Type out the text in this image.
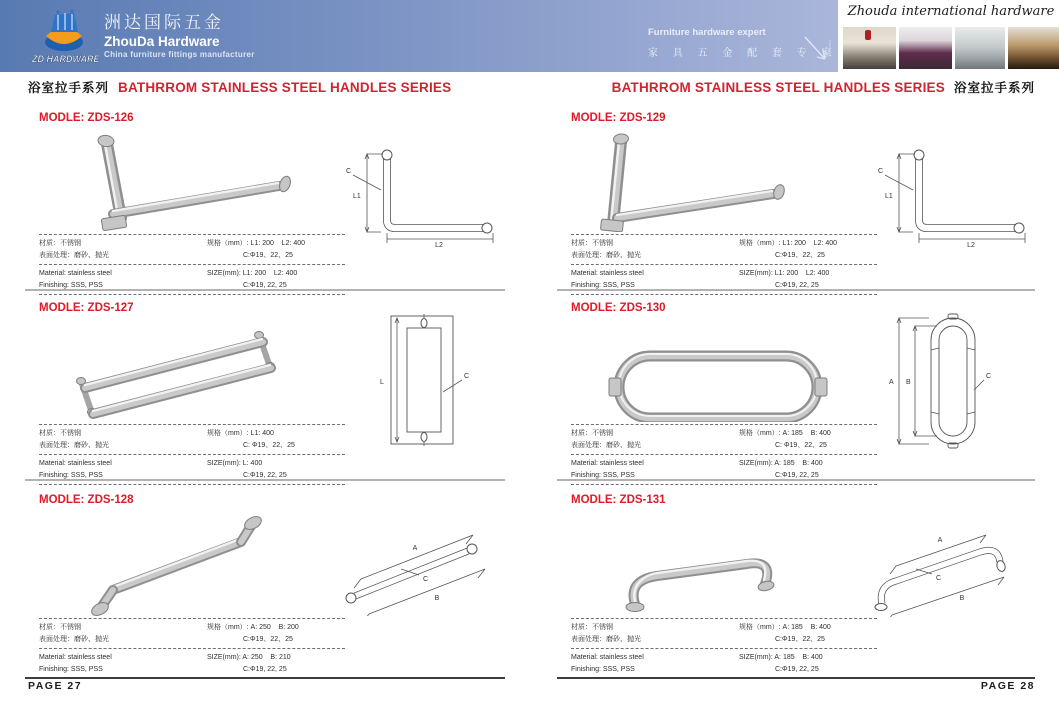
ZD HARDWARE
洲达国际五金
ZhouDa Hardware
China furniture fittings manufacturer
Furniture hardware expert
家 具 五 金 配 套 专 家
Zhouda international hardware
浴室拉手系列 BATHRROM STAINLESS STEEL HANDLES SERIES	BATHRROM STAINLESS STEEL HANDLES SERIES 浴室拉手系列
MODLE: ZDS-126
C
L1
L2
材质：不锈钢
表面处理：磨砂、抛光
规格（mm）: L1: 200    L2: 400
C:Φ19、22、25
Material: stainless steel
Finishing: SSS, PSS
SIZE(mm): L1: 200    L2: 400
C:Φ19, 22, 25
MODLE: ZDS-129
C
L1
L2
材质：不锈钢
表面处理：磨砂、抛光
规格（mm）: L1: 200    L2: 400
C:Φ19、22、25
Material: stainless steel
Finishing: SSS, PSS
SIZE(mm): L1: 200    L2: 400
C:Φ19, 22, 25
MODLE: ZDS-127
L
C
材质：不锈钢
表面处理：磨砂、抛光
规格（mm）: L1: 400
C: Φ19、22、25
Material: stainless steel
Finishing: SSS, PSS
SIZE(mm): L: 400
C:Φ19, 22, 25
MODLE: ZDS-130
A B
C
材质：不锈钢
表面处理：磨砂、抛光
规格（mm）: A: 185    B: 400
C: Φ19、22、25
Material: stainless steel
Finishing: SSS, PSS
SIZE(mm): A: 185    B: 400
C:Φ19, 22, 25
MODLE: ZDS-128
A
B
C
材质：不锈钢
表面处理：磨砂、抛光
规格（mm）: A: 250    B: 200
C:Φ19、22、25
Material: stainless steel
Finishing: SSS, PSS
SIZE(mm): A: 250    B: 210
C:Φ19, 22, 25
MODLE: ZDS-131
A
B
C
材质：不锈钢
表面处理：磨砂、抛光
规格（mm）: A: 185    B: 400
C:Φ19、22、25
Material: stainless steel
Finishing: SSS, PSS
SIZE(mm): A: 185    B: 400
C:Φ19, 22, 25
PAGE 27	PAGE 28
